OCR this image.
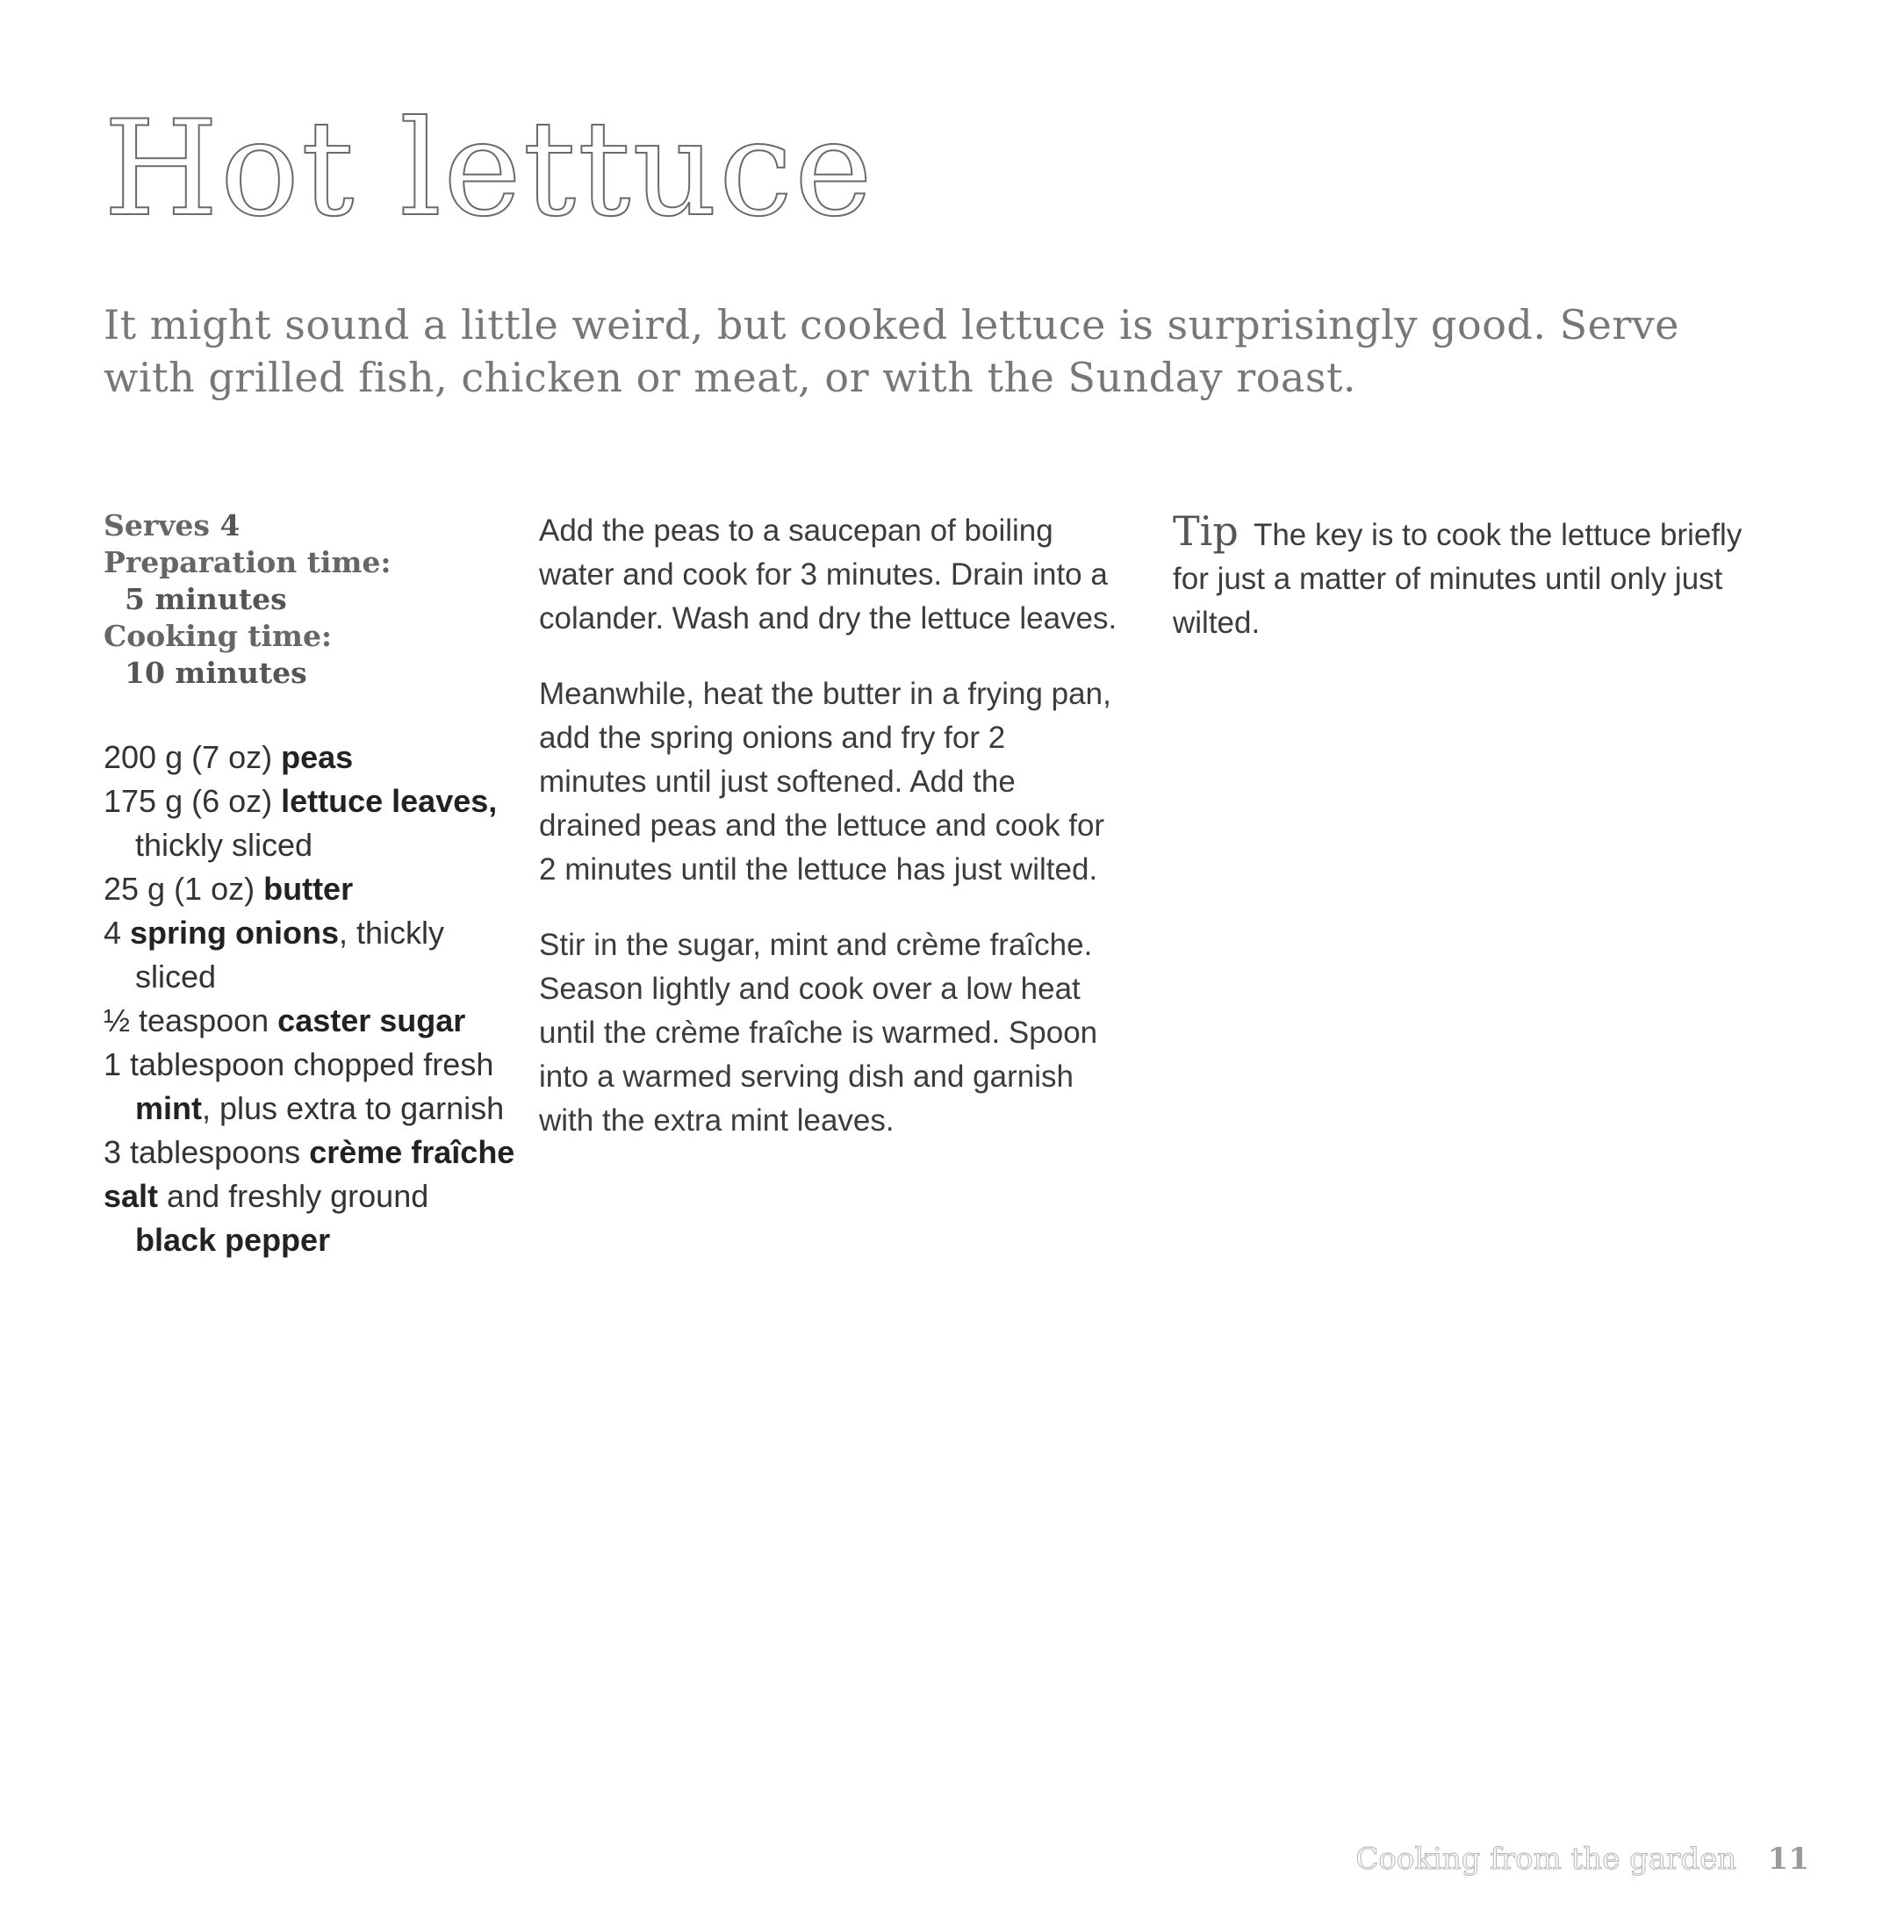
Hot lettuce

It might sound a little weird, but cooked lettuce is surprisingly good. Serve with grilled fish, chicken or meat, or with the Sunday roast.

Serves 4
Preparation time:
5 minutes
Cooking time:
10 minutes
200 g (7 oz) peas
175 g (6 oz) lettuce leaves, thickly sliced
25 g (1 oz) butter
4 spring onions, thickly sliced
½ teaspoon caster sugar
1 tablespoon chopped fresh mint, plus extra to garnish
3 tablespoons crème fraîche
salt and freshly ground black pepper

Add the peas to a saucepan of boiling water and cook for 3 minutes. Drain into a colander. Wash and dry the lettuce leaves.

Meanwhile, heat the butter in a frying pan, add the spring onions and fry for 2 minutes until just softened. Add the drained peas and the lettuce and cook for 2 minutes until the lettuce has just wilted.

Stir in the sugar, mint and crème fraîche. Season lightly and cook over a low heat until the crème fraîche is warmed. Spoon into a warmed serving dish and garnish with the extra mint leaves.

Tip The key is to cook the lettuce briefly for just a matter of minutes until only just wilted.

Cooking from the garden 11
